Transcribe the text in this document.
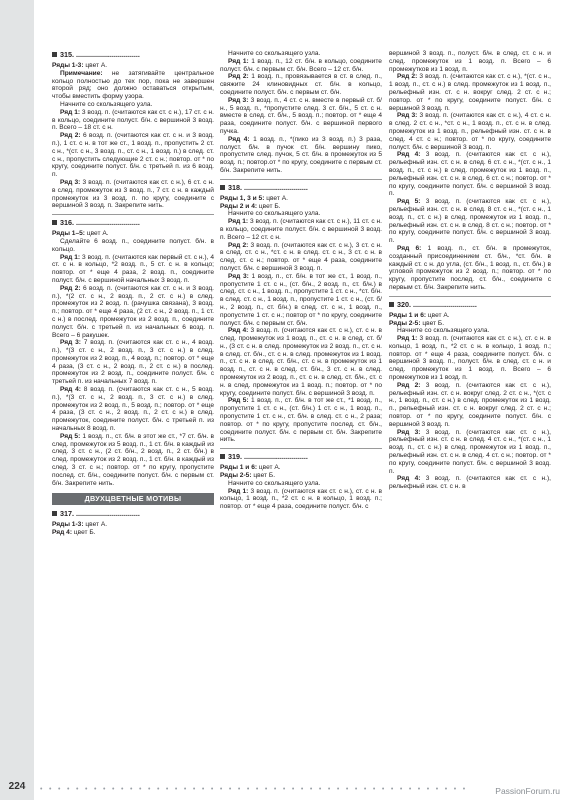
315. ................................

Ряды 1-3: цвет А.

Примечание: не затягивайте центральное кольцо полностью до тех пор, пока не завершен второй ряд; оно должно оставаться открытым, чтобы вместить форму узора.

Начните со скользящего узла.

Ряд 1: 3 возд. п. (считаются как ст. с н.), 17 ст. с н. в кольцо, соедините полуст. б/н. с вершиной 3 возд. п. Всего – 18 ст. с н.

Ряд 2: 6 возд. п. (считаются как ст. с н. и 3 возд. п.), 1 ст. с н. в тот же ст., 1 возд. п., пропустить 2 ст. с н., *(ст. с н., 3 возд. п., ст. с н., 1 возд. п.) в след. ст. с н., пропустить следующие 2 ст. с н.; повтор. от * по кругу, соедините полуст. б/н. с третьей п. из 6 возд. п.

Ряд 3: 3 возд. п. (считаются как ст. с н.), 6 ст. с н. в след. промежуток из 3 возд. п., 7 ст. с н. в каждый промежуток из 3 возд. п. по кругу, соедините с вершиной 3 возд. п. Закрепите нить.

316. ................................

Ряды 1–5: цвет А.

Сделайте 6 возд. п., соедините полуст. б/н. в кольцо.

Ряд 1: 3 возд. п. (считаются как первый ст. с н.), 4 ст. с н. в кольцо, *2 возд. п., 5 ст. с н. в кольцо; повтор. от * еще 4 раза, 2 возд. п., соедините полуст. б/н. с вершиной начальных 3 возд. п.

Ряд 2: 6 возд. п. (считаются как ст. с н. и 3 возд. п.), *(2 ст. с н., 2 возд. п., 2 ст. с н.) в след. промежуток из 2 возд. п. (рачушка связана), 3 возд. п.; повтор. от * еще 4 раза, (2 ст. с н., 2 возд. п., 1 ст. с н.) в послед. промежуток из 2 возд. п., соедините полуст. б/н. с третьей п. из начальных 6 возд. п. Всего – 6 ракушек.

Ряд 3: 7 возд. п. (считаются как ст. с н., 4 возд. п.), *(3 ст. с н., 2 возд. п., 3 ст. с н.) в след. промежуток из 2 возд. п., 4 возд. п.; повтор. от * еще 4 раза, (3 ст. с н., 2 возд. п., 2 ст. с н.) в послед. промежуток из 2 возд. п., соедините полуст. б/н. с третьей п. из начальных 7 возд. п.

Ряд 4: 8 возд. п. (считаются как ст. с н., 5 возд. п.), *(3 ст. с н., 2 возд. п., 3 ст. с н.) в след. промежуток из 2 возд. п., 5 возд. п.; повтор. от * еще 4 раза, (3 ст. с н., 2 возд. п., 2 ст. с н.) в след. промежуток, соедините полуст. б/н. с третьей п. из начальных 8 возд. п.

Ряд 5: 1 возд. п., ст. б/н. в этот же ст., *7 ст. б/н. в след. промежуток из 5 возд. п., 1 ст. б/н. в каждый из след. 3 ст. с н., (2 ст. б/н., 2 возд. п., 2 ст. б/н.) в след. промежуток из 2 возд. п., 1 ст. б/н. в каждый из след. 3 ст. с н.; повтор. от * по кругу, пропустите послед. ст. б/н., соедините полуст. б/н. с первым ст. б/н. Закрепите нить.

ДВУХЦВЕТНЫЕ МОТИВЫ
317. ................................

Ряды 1-3: цвет А.

Ряд 4: цвет Б.

Начните со скользящего узла.

Ряд 1: 1 возд. п., 12 ст. б/н. в кольцо, соедините полуст. б/н. с первым ст. б/н. Всего – 12 ст. б/н.

Ряд 2: 1 возд. п., провязывается в ст. в след. п., свяжите 24 клиновидных ст. б/н. в кольцо, соедините полуст. б/н. с первым ст. б/н.

Ряд 3: 3 возд. п., 4 ст. с н. вместе в первый ст. б/н., 5 возд. п., *пропустите след. 3 ст. б/н., 5 ст. с н. вместе в след. ст. б/н., 5 возд. п.; повтор. от * еще 4 раза, соедините полуст. б/н. с вершиной первого пучка.

Ряд 4: 1 возд. п., *(пико из 3 возд. п.) 3 раза, полуст. б/н. в пучок ст. б/н. вершину пико, пропустите след. пучок, 5 ст. б/н. в промежуток из 5 возд. п.; повтор.от * по кругу, соедините с первым ст. б/н. Закрепите нить.

318. ................................

Ряды 1, 3 и 5: цвет А.

Ряды 2 и 4: цвет Б.

Начните со скользящего узла.

Ряд 1: 3 возд. п. (считаются как ст. с н.), 11 ст. с н. в кольцо, соедините полуст. б/н. с вершиной 3 возд. п. Всего – 12 ст. с н.

Ряд 2: 3 возд. п. (считаются как ст. с н.), 3 ст. с н. в след. ст. с н., *ст. с н. в след. ст. с н., 3 ст. с н. в след. ст. с н.; повтор. от * еще 4 раза, соедините полуст. б/н. с вершиной 3 возд. п.

Ряд 3: 1 возд. п., ст. б/н. в тот же ст., 1 возд. п., пропустите 1 ст. с н., (ст. б/н., 2 возд. п., ст. б/н.) в след. ст. с н., 1 возд. п., пропустите 1 ст. с н., *ст. б/н. в след. ст. с н., 1 возд. п., пропустите 1 ст. с н., (ст. б/н., 2 возд. п., ст. б/н.) в след. ст. с н., 1 возд. п., пропустите 1 ст. с н.; повтор от * по кругу, соедините полуст. б/н. с первым ст. б/н.

Ряд 4: 3 возд. п. (считаются как ст. с н.), ст. с н. в след. промежуток из 1 возд. п., ст. с н. в след. ст. б/н., (3 ст. с н. в след. промежуток из 2 возд. п., ст. с н. в след. ст. б/н., ст. с н. в след. промежуток из 1 возд. п., ст. с н. в след. ст. б/н., ст. с н. в промежуток из 1 возд. п., ст. с н. в след. ст. б/н., 3 ст. с н. в след. промежуток из 2 возд. п., ст. с н. в след. ст. б/н., ст. с н. в след. промежуток из 1 возд. п.; повтор. от * по кругу, соедините полуст. б/н. с вершиной 3 возд. п.

Ряд 5: 1 возд. п., ст. б/н. в тот же ст., *1 возд. п., пропустите 1 ст. с н., (ст. б/н.) 1 ст. с н., 1 возд. п., пропустите 1 ст. с н., ст. б/н. в след. ст. с н., 2 раза; повтор. от * по кругу, пропустите послед. ст. б/н., соедините полуст. б/н. с первым ст. б/н. Закрепите нить.

319. ................................

Ряды 1 и 6: цвет А.

Ряды 2-5: цвет Б.

Начните со скользящего узла.

Ряд 1: 3 возд. п. (считаются как ст. с н.), ст. с н. в кольцо, 1 возд. п., *2 ст. с н. в кольцо, 1 возд. п.; повтор. от * еще 4 раза, соедините полуст. б/н. с

вершиной 3 возд. п., полуст. б/н. в след. ст. с н. и след. промежуток из 1 возд. п. Всего – 6 промежутков из 1 возд. п.

Ряд 2: 3 возд. п. (считаются как ст. с н.), *(ст. с н., 1 возд. п., ст. с н.) в след. промежуток из 1 возд. п., рельефный изн. ст. с н. вокруг след. 2 ст. с н.; повтор. от * по кругу, соедините полуст. б/н. с вершиной 3 возд. п.

Ряд 3: 3 возд. п. (считаются как ст. с н.), 4 ст. с н. в след. 2 ст. с н., *ст. с н., 1 возд. п., ст. с н. в след. промежуток из 1 возд. п., рельефный изн. ст. с н. в след. 4 ст. с н.; повтор. от * по кругу, соедините полуст. б/н. с вершиной 3 возд. п.

Ряд 4: 3 возд. п. (считаются как ст. с н.), рельефный изн. ст. с н. в след. 6 ст. с н., *(ст. с н., 1 возд. п., ст. с н.) в след. промежуток из 1 возд. п., рельефный изн. ст. с н. в след. 6 ст. с н.; повтор. от * по кругу, соедините полуст. б/н. с вершиной 3 возд. п.

Ряд 5: 3 возд. п. (считаются как ст. с н.), рельефный изн. ст. с н. в след. 8 ст. с н., *(ст. с н., 1 возд. п., ст. с н.) в след. промежуток из 1 возд. п., рельефный изн. ст. с н. в след. 8 ст. с н.; повтор. от * по кругу, соедините полуст. б/н. с вершиной 3 возд. п.

Ряд 6: 1 возд. п., ст. б/н. в промежуток, созданный присоединением ст. б/н., *ст. б/н. в каждый ст. с н. до угла, (ст. б/н., 1 возд. п., ст. б/н.) в угловой промежуток из 2 возд. п.; повтор. от * по кругу, пропустите послед. ст. б/н., соедините с первым ст. б/н. Закрепите нить.

320. ................................

Ряды 1 и 6: цвет А.

Ряды 2-5: цвет Б.

Начните со скользящего узла.

Ряд 1: 3 возд. п. (считаются как ст. с н.), ст. с н. в кольцо, 1 возд. п., *2 ст. с н. в кольцо, 1 возд. п.; повтор. от * еще 4 раза, соедините полуст. б/н. с вершиной 3 возд. п., полуст. б/н. в след. ст. с н. и след. промежуток из 1 возд. п. Всего – 6 промежутков из 1 возд. п.

Ряд 2: 3 возд. п. (считаются как ст. с н.), рельефный изн. ст. с н. вокруг след. 2 ст. с н., *(ст. с н., 1 возд. п., ст. с н.) в след. промежуток из 1 возд. п., рельефный изн. ст. с н. вокруг след. 2 ст. с н.; повтор. от * по кругу, соедините полуст. б/н. с вершиной 3 возд. п.

Ряд 3: 3 возд. п. (считаются как ст. с н.), рельефный изн. ст. с н. в след. 4 ст. с н., *(ст. с н., 1 возд. п., ст. с н.) в след. промежуток из 1 возд. п., рельефный изн. ст. с н. в след. 4 ст. с н.; повтор. от * по кругу, соедините полуст. б/н. с вершиной 3 возд. п.

Ряд 4: 3 возд. п. (считаются как ст. с н.), рельефный изн. ст. с н. в

224	• • • • • • • • • • • • • • • • • • • • • • • • • • • • • • • • • • • • • • • • • • • • • • • •	PassionForum.ru
